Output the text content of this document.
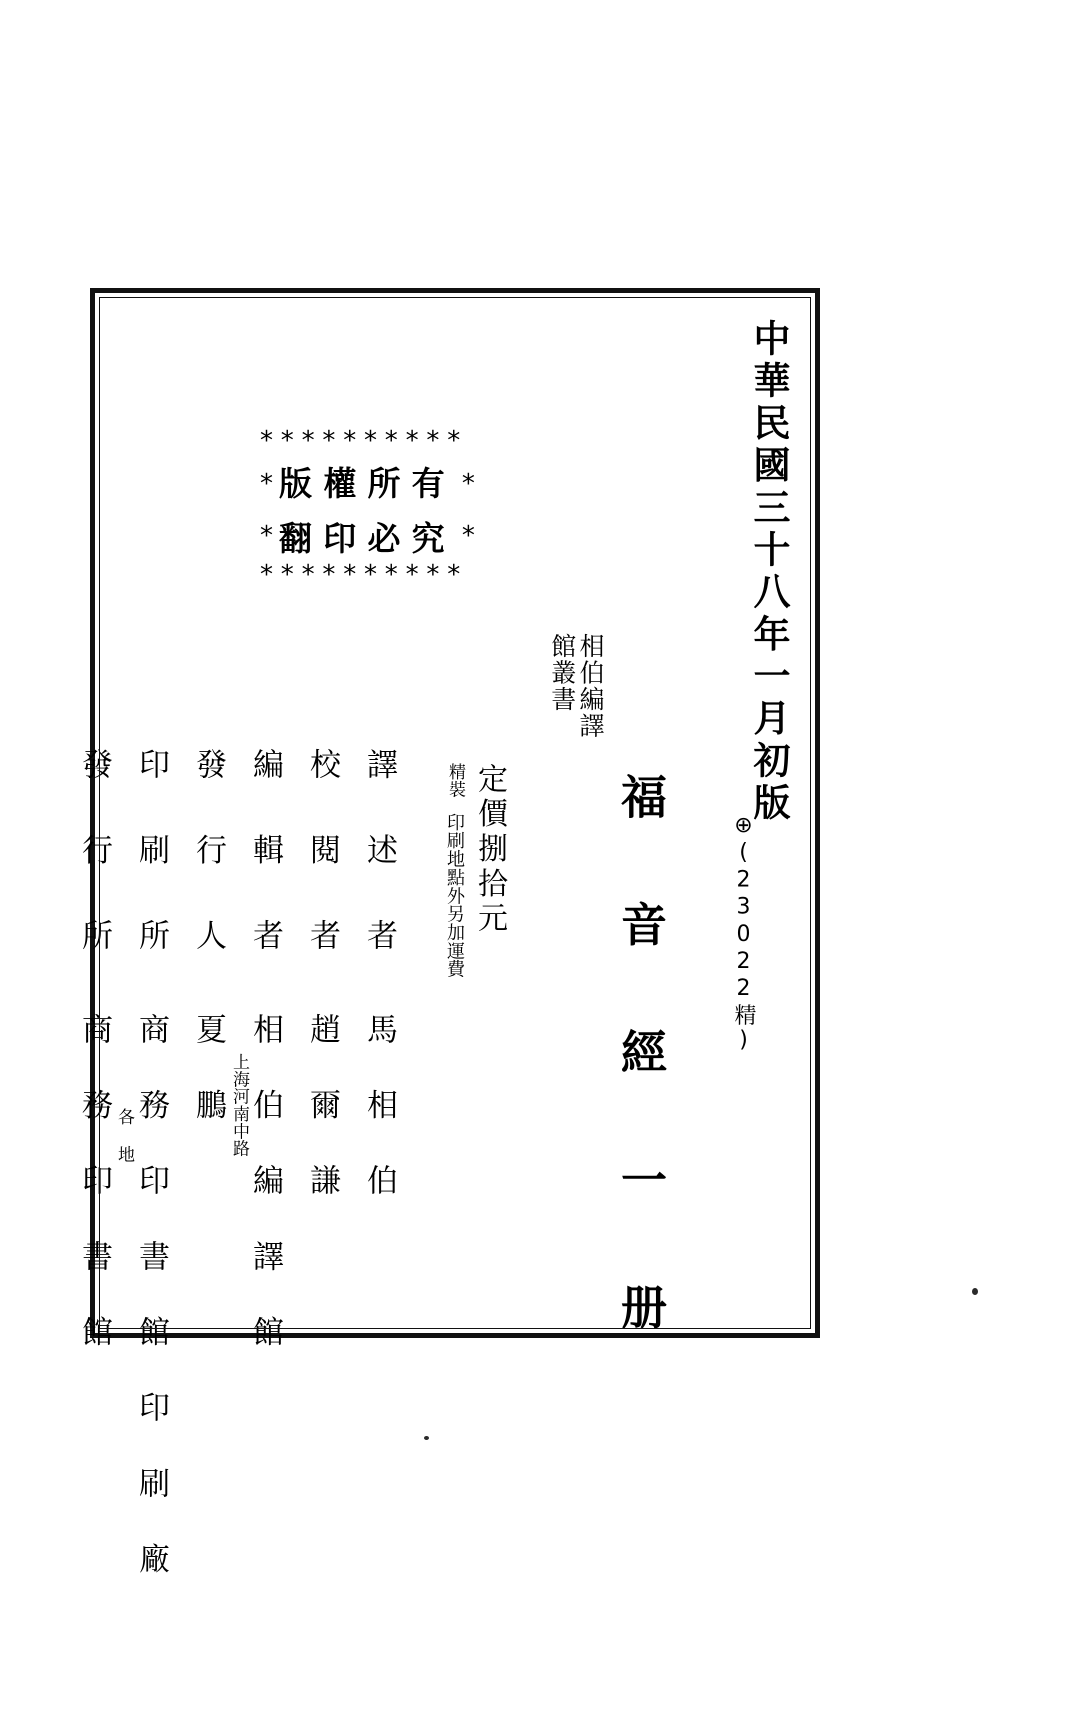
中華民國三十八年一月初版
⊕(23022精)
相伯編譯
館叢書
福 音 經 一 册
精裝 定價捌拾元
印刷地點外另加運費
譯 述 者
校 閱 者
編 輯 者
發 行 人
印 刷 所
發 行 所
馬 相 伯
趙 爾 謙
相 伯 編 譯 館
夏 鵬 上海河南中路
商 務 印 書 館 印 刷 廠
商 務 印 書 館 各 地
**********
* 版權所有 *
* 翻印必究 *
**********
